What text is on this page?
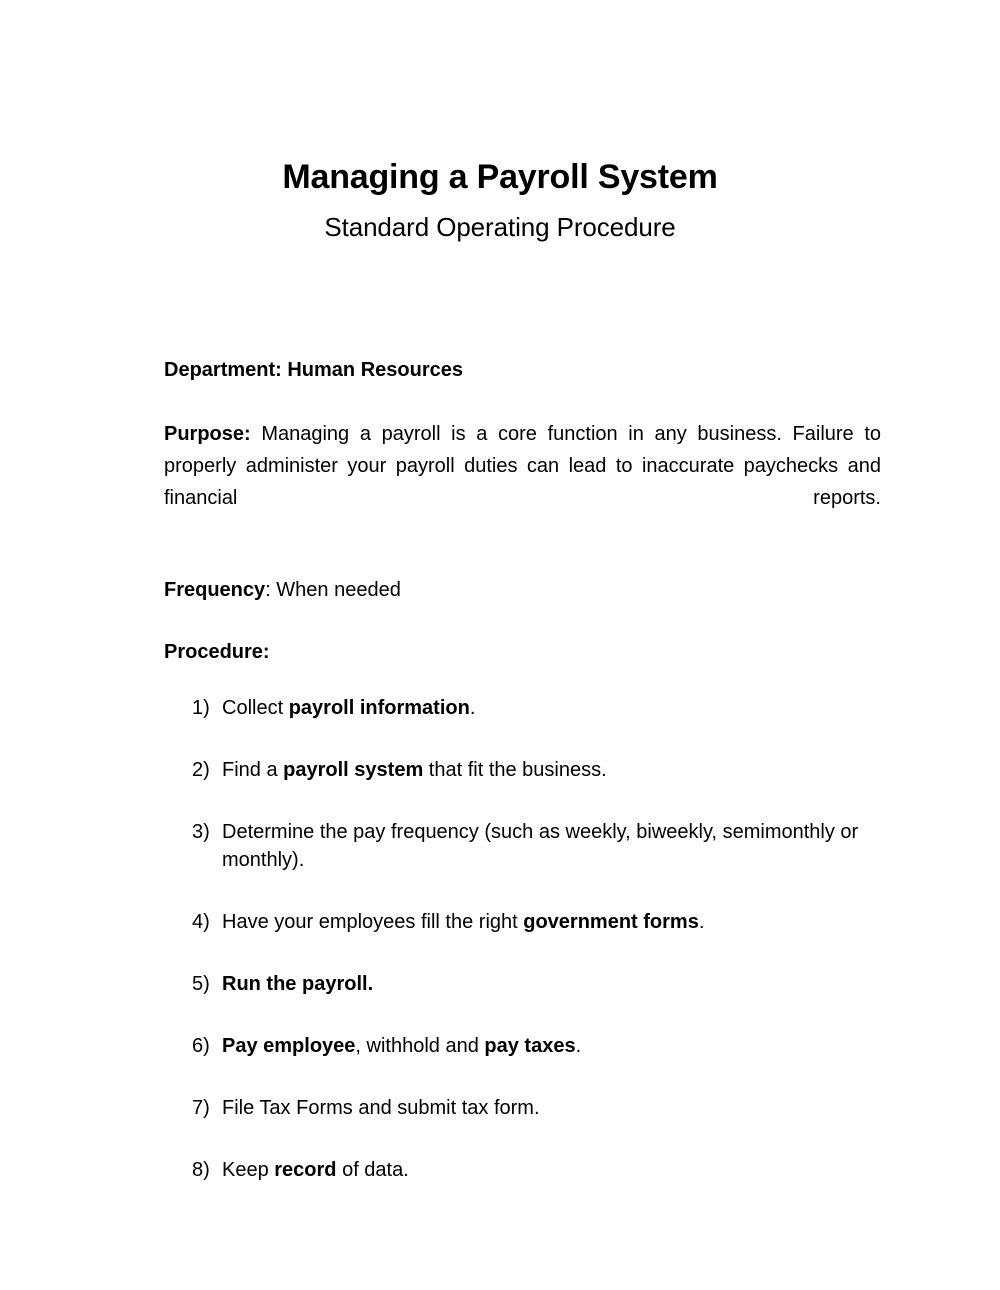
Managing a Payroll System
Standard Operating Procedure

Department: Human Resources

Purpose: Managing a payroll is a core function in any business. Failure to properly administer your payroll duties can lead to inaccurate paychecks and financial reports.

Frequency: When needed

Procedure:

1) Collect payroll information.
2) Find a payroll system that fit the business.
3) Determine the pay frequency (such as weekly, biweekly, semimonthly or monthly).
4) Have your employees fill the right government forms.
5) Run the payroll.
6) Pay employee, withhold and pay taxes.
7) File Tax Forms and submit tax form.
8) Keep record of data.
